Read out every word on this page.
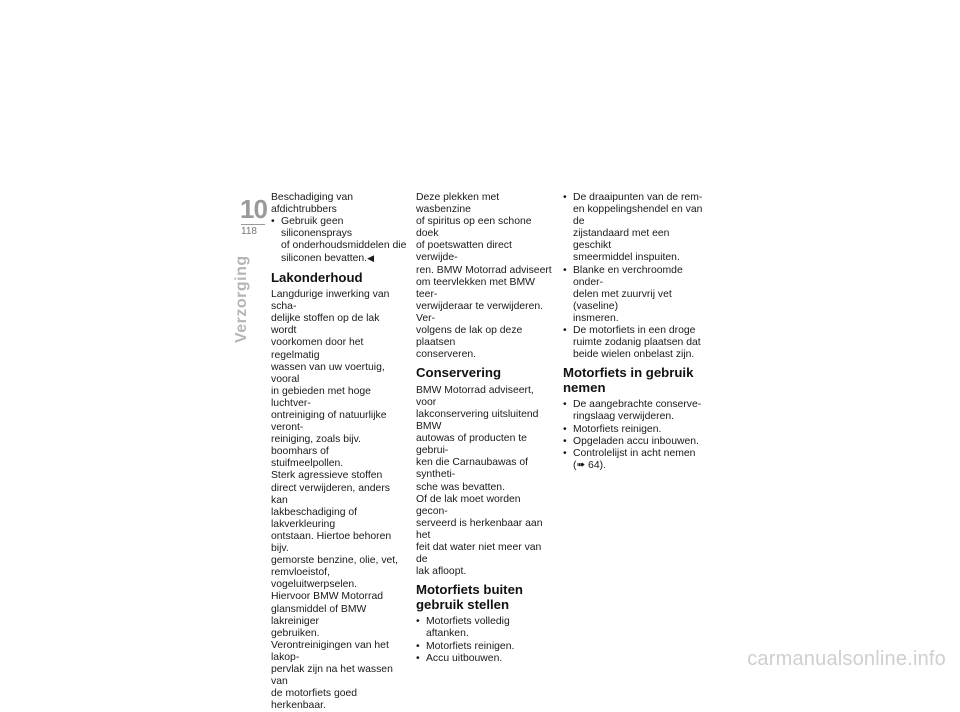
10
118
Verzorging

Beschadiging van afdichtrubbers

• Gebruik geen siliconensprays
of onderhoudsmiddelen die
siliconen bevatten.◀
Lakonderhoud

Langdurige inwerking van scha-
delijke stoffen op de lak wordt
voorkomen door het regelmatig
wassen van uw voertuig, vooral
in gebieden met hoge luchtver-
ontreiniging of natuurlijke veront-
reiniging, zoals bijv. boomhars of
stuifmeelpollen.
Sterk agressieve stoffen
direct verwijderen, anders kan
lakbeschadiging of lakverkleuring
ontstaan. Hiertoe behoren bijv.
gemorste benzine, olie, vet,
remvloeistof, vogeluitwerpselen.
Hiervoor BMW Motorrad
glansmiddel of BMW lakreiniger
gebruiken.
Verontreinigingen van het lakop-
pervlak zijn na het wassen van
de motorfiets goed herkenbaar.

Deze plekken met wasbenzine
of spiritus op een schone doek
of poetswatten direct verwijde-
ren. BMW Motorrad adviseert
om teervlekken met BMW teer-
verwijderaar te verwijderen. Ver-
volgens de lak op deze plaatsen
conserveren.

Conservering

BMW Motorrad adviseert, voor
lakconservering uitsluitend BMW
autowas of producten te gebrui-
ken die Carnaubawas of syntheti-
sche was bevatten.
Of de lak moet worden gecon-
serveerd is herkenbaar aan het
feit dat water niet meer van de
lak afloopt.

Motorfiets buiten
gebruik stellen
• Motorfiets volledig aftanken.
• Motorfiets reinigen.
• Accu uitbouwen.
• De draaipunten van de rem-
en koppelingshendel en van de
zijstandaard met een geschikt
smeermiddel inspuiten.
• Blanke en verchroomde onder-
delen met zuurvrij vet (vaseline)
insmeren.
• De motorfiets in een droge
ruimte zodanig plaatsen dat
beide wielen onbelast zijn.
Motorfiets in gebruik
nemen
• De aangebrachte conserve-
ringslaag verwijderen.
• Motorfiets reinigen.
• Opgeladen accu inbouwen.
• Controlelijst in acht nemen
(➠ 64).
carmanualsonline.info
